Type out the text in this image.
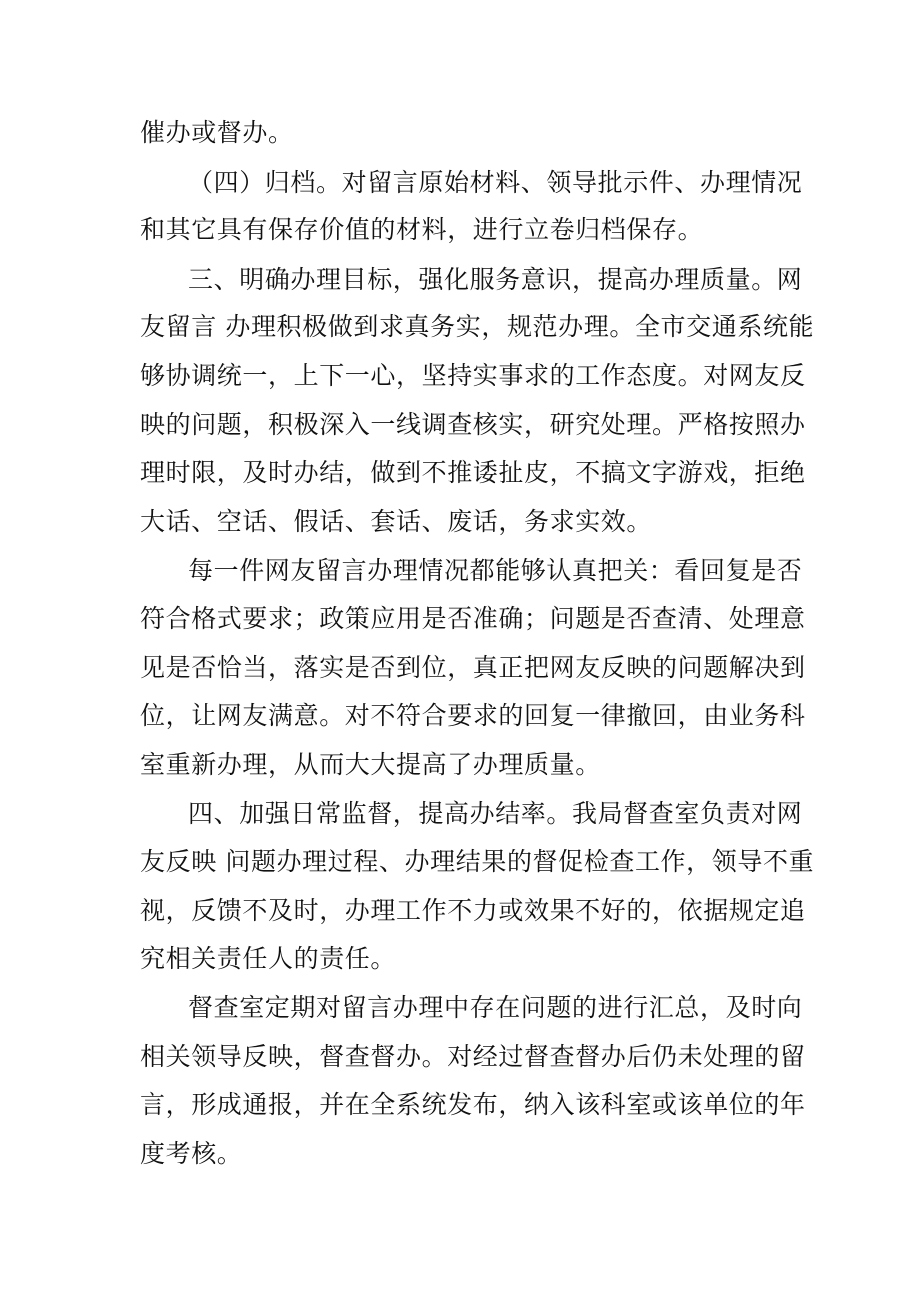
催办或督办。
（四）归档。对留言原始材料、领导批示件、办理情况
和其它具有保存价值的材料，进行立卷归档保存。
三、明确办理目标，强化服务意识，提高办理质量。网
友留言 办理积极做到求真务实，规范办理。全市交通系统能
够协调统一，上下一心，坚持实事求的工作态度。对网友反
映的问题，积极深入一线调查核实，研究处理。严格按照办
理时限，及时办结，做到不推诿扯皮，不搞文字游戏，拒绝
大话、空话、假话、套话、废话，务求实效。
每一件网友留言办理情况都能够认真把关：看回复是否
符合格式要求；政策应用是否准确；问题是否查清、处理意
见是否恰当，落实是否到位，真正把网友反映的问题解决到
位，让网友满意。对不符合要求的回复一律撤回，由业务科
室重新办理，从而大大提高了办理质量。
四、加强日常监督，提高办结率。我局督查室负责对网
友反映 问题办理过程、办理结果的督促检查工作，领导不重
视，反馈不及时，办理工作不力或效果不好的，依据规定追
究相关责任人的责任。
督查室定期对留言办理中存在问题的进行汇总，及时向
相关领导反映，督查督办。对经过督查督办后仍未处理的留
言，形成通报，并在全系统发布，纳入该科室或该单位的年
度考核。
